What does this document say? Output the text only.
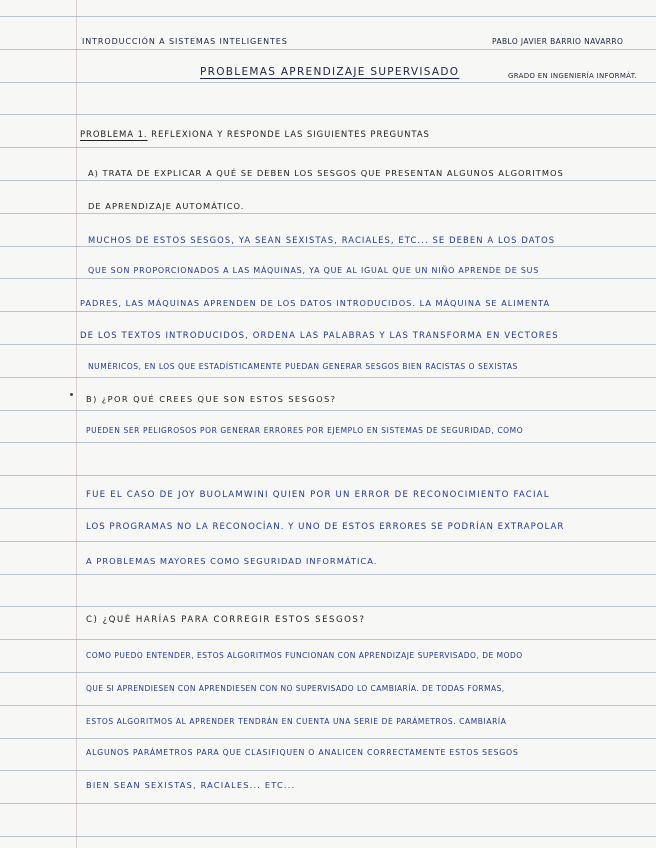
INTRODUCCIÓN A SISTEMAS INTELIGENTES	PABLO JAVIER BARRIO NAVARRO
PROBLEMAS APRENDIZAJE SUPERVISADO	GRADO EN INGENIERÍA INFORMÁT.
PROBLEMA 1. REFLEXIONA Y RESPONDE LAS SIGUIENTES PREGUNTAS
A) TRATA DE EXPLICAR A QUÉ SE DEBEN LOS SESGOS QUE PRESENTAN ALGUNOS ALGORITMOS
DE APRENDIZAJE AUTOMÁTICO.
MUCHOS DE ESTOS SESGOS, YA SEAN SEXISTAS, RACIALES, ETC... SE DEBEN A LOS DATOS
QUE SON PROPORCIONADOS A LAS MÁQUINAS, YA QUE AL IGUAL QUE UN NIÑO APRENDE DE SUS
PADRES, LAS MÁQUINAS APRENDEN DE LOS DATOS INTRODUCIDOS. LA MÁQUINA SE ALIMENTA
DE LOS TEXTOS INTRODUCIDOS, ORDENA LAS PALABRAS Y LAS TRANSFORMA EN VECTORES
NUMÉRICOS, EN LOS QUE ESTADÍSTICAMENTE PUEDAN GENERAR SESGOS BIEN RACISTAS O SEXISTAS
B) ¿POR QUÉ CREES QUE SON ESTOS SESGOS?
PUEDEN SER PELIGROSOS POR GENERAR ERRORES POR EJEMPLO EN SISTEMAS DE SEGURIDAD, COMO
FUE EL CASO DE JOY BUOLAMWINI QUIEN POR UN ERROR DE RECONOCIMIENTO FACIAL
LOS PROGRAMAS NO LA RECONOCÍAN. Y UNO DE ESTOS ERRORES SE PODRÍAN EXTRAPOLAR
A PROBLEMAS MAYORES COMO SEGURIDAD INFORMÁTICA.
C) ¿QUÉ HARÍAS PARA CORREGIR ESTOS SESGOS?
COMO PUEDO ENTENDER, ESTOS ALGORITMOS FUNCIONAN CON APRENDIZAJE SUPERVISADO, DE MODO
QUE SI APRENDIESEN CON APRENDIESEN CON NO SUPERVISADO LO CAMBIARÍA. DE TODAS FORMAS,
ESTOS ALGORITMOS AL APRENDER TENDRÁN EN CUENTA UNA SERIE DE PARÁMETROS. CAMBIARÍA
ALGUNOS PARÁMETROS PARA QUE CLASIFIQUEN O ANALICEN CORRECTAMENTE ESTOS SESGOS
BIEN SEAN SEXISTAS, RACIALES... ETC...
